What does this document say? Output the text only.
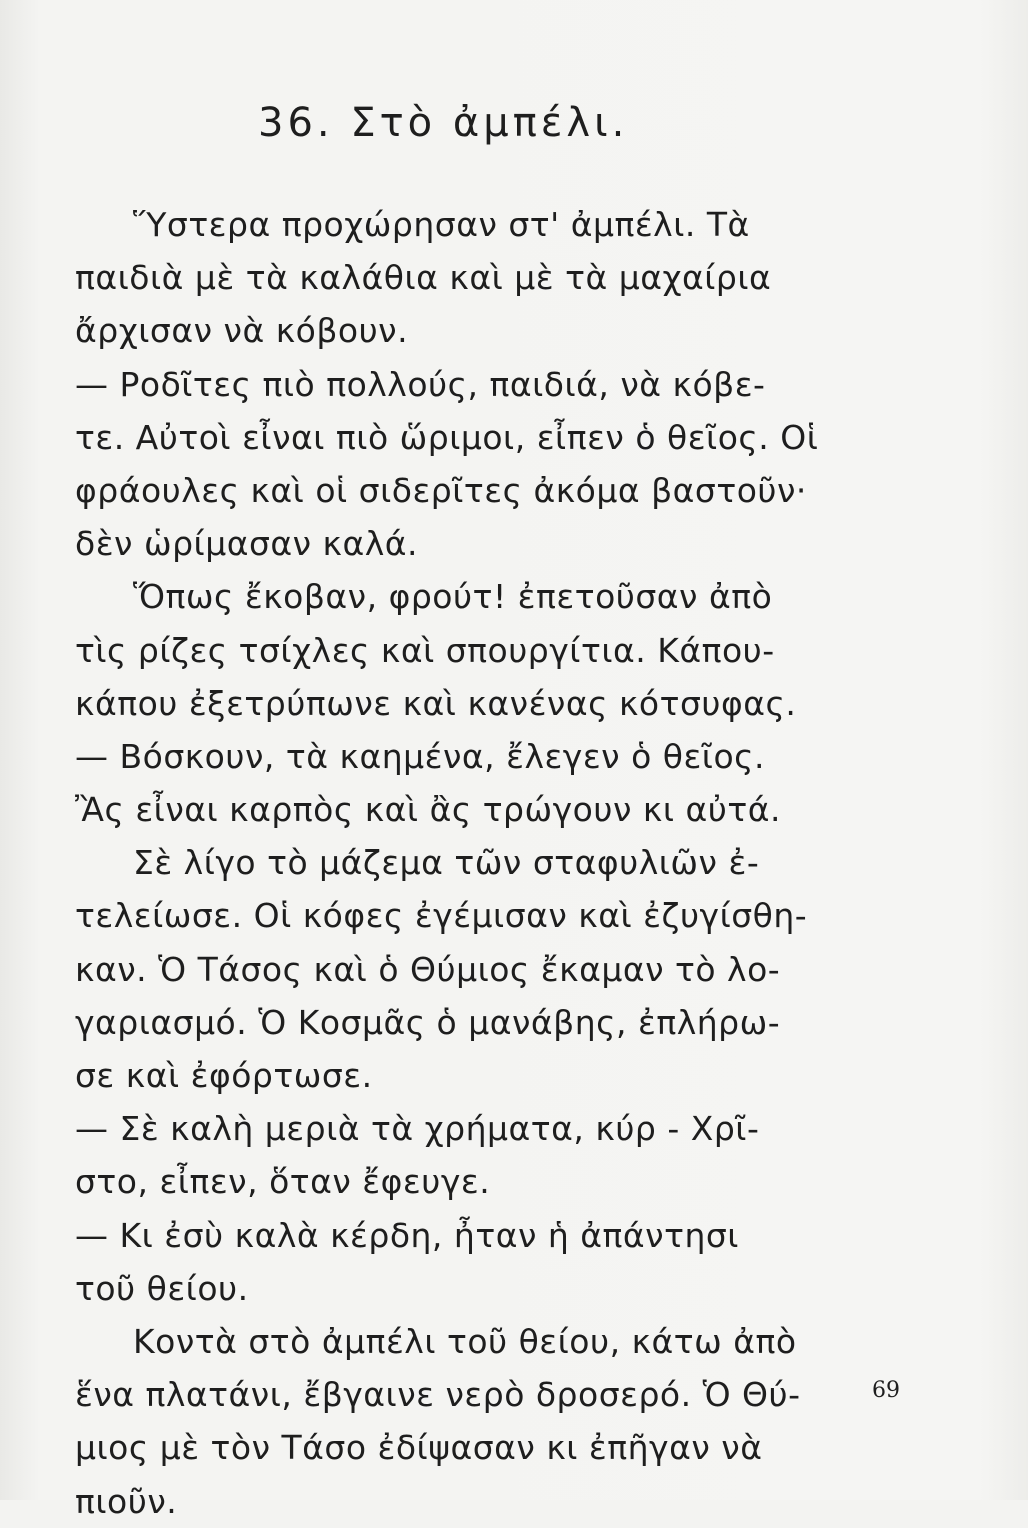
36. Στὸ ἀμπέλι.
Ὕστερα προχώρησαν στ' ἀμπέλι. Τὰ
παιδιὰ μὲ τὰ καλάθια καὶ μὲ τὰ μαχαίρια
ἄρχισαν νὰ κόβουν.
— Ροδῖτες πιὸ πολλούς, παιδιά, νὰ κόβε-
τε. Αὐτοὶ εἶναι πιὸ ὥριμοι, εἶπεν ὁ θεῖος. Οἱ
φράουλες καὶ οἱ σιδερῖτες ἀκόμα βαστοῦν·
δὲν ὡρίμασαν καλά.
Ὅπως ἔκοβαν, φρούτ! ἐπετοῦσαν ἀπὸ
τὶς ρίζες τσίχλες καὶ σπουργίτια. Κάπου-
κάπου ἐξετρύπωνε καὶ κανένας κότσυφας.
— Βόσκουν, τὰ καημένα, ἔλεγεν ὁ θεῖος.
Ἂς εἶναι καρπὸς καὶ ἂς τρώγουν κι αὐτά.
Σὲ λίγο τὸ μάζεμα τῶν σταφυλιῶν ἐ-
τελείωσε. Οἱ κόφες ἐγέμισαν καὶ ἐζυγίσθη-
καν. Ὁ Τάσος καὶ ὁ Θύμιος ἔκαμαν τὸ λο-
γαριασμό. Ὁ Κοσμᾶς ὁ μανάβης, ἐπλήρω-
σε καὶ ἐφόρτωσε.
— Σὲ καλὴ μεριὰ τὰ χρήματα, κύρ - Χρῖ-
στο, εἶπεν, ὅταν ἔφευγε.
— Κι ἐσὺ καλὰ κέρδη, ἦταν ἡ ἀπάντησι
τοῦ θείου.
Κοντὰ στὸ ἀμπέλι τοῦ θείου, κάτω ἀπὸ
ἕνα πλατάνι, ἔβγαινε νερὸ δροσερό. Ὁ Θύ-
μιος μὲ τὸν Τάσο ἐδίψασαν κι ἐπῆγαν νὰ
πιοῦν.
69
